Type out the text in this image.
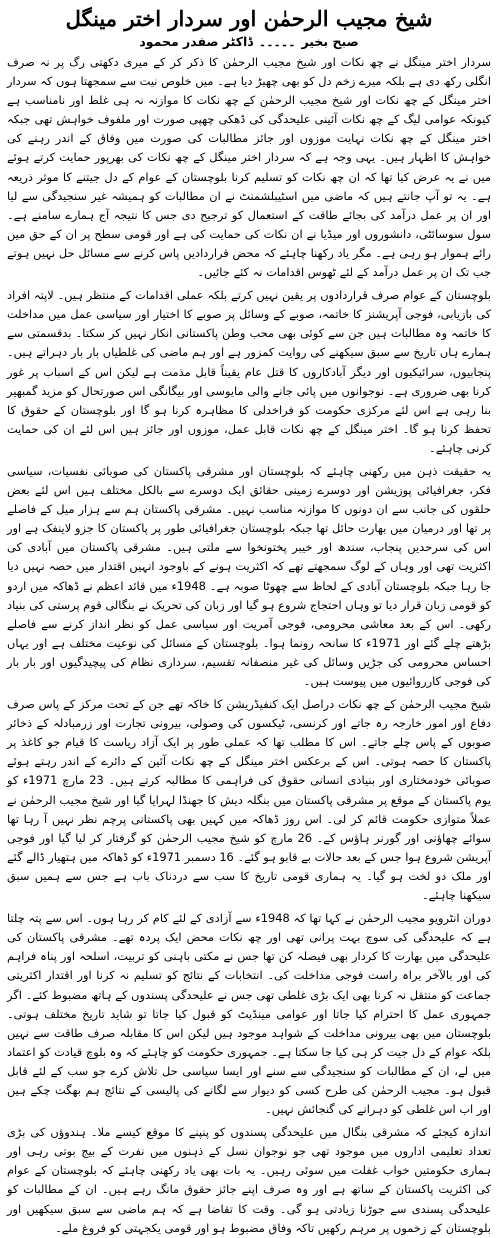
شیخ مجیب الرحمٰن اور سردار اختر مینگل
صبح بخیر۔۔۔۔۔ڈاکٹر صفدر محمود

سردار اختر مینگل نے چھ نکات اور شیخ مجیب الرحمٰن کا ذکر کر کے میری دکھتی رگ پر نہ صرف انگلی رکھ دی ہے بلکہ میرے زخم دل کو بھی چھیڑ دیا ہے۔ میں خلوص نیت سے سمجھتا ہوں کہ سردار اختر مینگل کے چھ نکات اور شیخ مجیب الرحمٰن کے چھ نکات کا موازنہ نہ ہی غلط اور نامناسب ہے کیونکہ عوامی لیگ کے چھ نکات آئینی علیحدگی کی ڈھکی چھپی صورت اور ملفوف خواہش تھی جبکہ اختر مینگل کے چھ نکات نہایت موزوں اور جائز مطالبات کی صورت میں وفاق کے اندر رہنے کی خواہش کا اظہار ہیں۔ یہی وجہ ہے کہ سردار اختر مینگل کے چھ نکات کی بھرپور حمایت کرتے ہوئے میں نے یہ عرض کیا تھا کہ ان چھ نکات کو تسلیم کرنا بلوچستان کے عوام کے دل جیتنے کا موثر ذریعہ ہے۔ یہ تو آپ جانتے ہیں کہ ماضی میں اسٹیبلشمنٹ نے ان مطالبات کو ہمیشہ غیر سنجیدگی سے لیا اور ان پر عمل درآمد کی بجائے طاقت کے استعمال کو ترجیح دی جس کا نتیجہ آج ہمارے سامنے ہے۔ سول سوسائٹی، دانشوروں اور میڈیا نے ان نکات کی حمایت کی ہے اور قومی سطح پر ان کے حق میں رائے ہموار ہو رہی ہے۔ مگر یاد رکھنا چاہئے کہ محض قراردادیں پاس کرنے سے مسائل حل نہیں ہوتے جب تک ان پر عمل درآمد کے لئے ٹھوس اقدامات نہ کئے جائیں۔

بلوچستان کے عوام صرف قراردادوں پر یقین نہیں کرتے بلکہ عملی اقدامات کے منتظر ہیں۔ لاپتہ افراد کی بازیابی، فوجی آپریشنز کا خاتمہ، صوبے کے وسائل پر صوبے کا اختیار اور سیاسی عمل میں مداخلت کا خاتمہ وہ مطالبات ہیں جن سے کوئی بھی محب وطن پاکستانی انکار نہیں کر سکتا۔ بدقسمتی سے ہمارے ہاں تاریخ سے سبق سیکھنے کی روایت کمزور ہے اور ہم ماضی کی غلطیاں بار بار دہراتے ہیں۔ پنجابیوں، سرائیکیوں اور دیگر آبادکاروں کا قتل عام یقیناً قابل مذمت ہے لیکن اس کے اسباب پر غور کرنا بھی ضروری ہے۔ نوجوانوں میں پائی جانے والی مایوسی اور بیگانگی اس صورتحال کو مزید گمبھیر بنا رہی ہے اس لئے مرکزی حکومت کو فراخدلی کا مظاہرہ کرنا ہو گا اور بلوچستان کے حقوق کا تحفظ کرنا ہو گا۔ اختر مینگل کے چھ نکات قابل عمل، موزوں اور جائز ہیں اس لئے ان کی حمایت کرنی چاہئے۔

یہ حقیقت ذہن میں رکھنی چاہئے کہ بلوچستان اور مشرقی پاکستان کی صوبائی نفسیات، سیاسی فکر، جغرافیائی پوزیشن اور دوسرے زمینی حقائق ایک دوسرے سے بالکل مختلف ہیں اس لئے بعض حلقوں کی جانب سے ان دونوں کا موازنہ مناسب نہیں۔ مشرقی پاکستان ہم سے ہزار میل کے فاصلے پر تھا اور درمیان میں بھارت حائل تھا جبکہ بلوچستان جغرافیائی طور پر پاکستان کا جزو لاینفک ہے اور اس کی سرحدیں پنجاب، سندھ اور خیبر پختونخوا سے ملتی ہیں۔ مشرقی پاکستان میں آبادی کی اکثریت تھی اور وہاں کے لوگ سمجھتے تھے کہ اکثریت ہونے کے باوجود انہیں اقتدار میں حصہ نہیں دیا جا رہا جبکہ بلوچستان آبادی کے لحاظ سے چھوٹا صوبہ ہے۔ 1948ء میں قائد اعظم نے ڈھاکہ میں اردو کو قومی زبان قرار دیا تو وہاں احتجاج شروع ہو گیا اور زبان کی تحریک نے بنگالی قوم پرستی کی بنیاد رکھی۔ اس کے بعد معاشی محرومی، فوجی آمریت اور سیاسی عمل کو نظر انداز کرنے سے فاصلے بڑھتے چلے گئے اور 1971ء کا سانحہ رونما ہوا۔ بلوچستان کے مسائل کی نوعیت مختلف ہے اور یہاں احساس محرومی کی جڑیں وسائل کی غیر منصفانہ تقسیم، سرداری نظام کی پیچیدگیوں اور بار بار کی فوجی کارروائیوں میں پیوست ہیں۔

شیخ مجیب الرحمٰن کے چھ نکات دراصل ایک کنفیڈریشن کا خاکہ تھے جن کے تحت مرکز کے پاس صرف دفاع اور امور خارجہ رہ جاتے اور کرنسی، ٹیکسوں کی وصولی، بیرونی تجارت اور زرمبادلہ کے ذخائر صوبوں کے پاس چلے جاتے۔ اس کا مطلب تھا کہ عملی طور پر ایک آزاد ریاست کا قیام جو کاغذ پر پاکستان کا حصہ ہوتی۔ اس کے برعکس اختر مینگل کے چھ نکات آئین کے دائرے کے اندر رہتے ہوئے صوبائی خودمختاری اور بنیادی انسانی حقوق کی فراہمی کا مطالبہ کرتے ہیں۔ 23 مارچ 1971ء کو یوم پاکستان کے موقع پر مشرقی پاکستان میں بنگلہ دیش کا جھنڈا لہرایا گیا اور شیخ مجیب الرحمٰن نے عملاً متوازی حکومت قائم کر لی۔ اس روز ڈھاکہ میں کہیں بھی پاکستانی پرچم نظر نہیں آ رہا تھا سوائے چھاؤنی اور گورنر ہاؤس کے۔ 26 مارچ کو شیخ مجیب الرحمٰن کو گرفتار کر لیا گیا اور فوجی آپریشن شروع ہوا جس کے بعد حالات بے قابو ہو گئے۔ 16 دسمبر 1971ء کو ڈھاکہ میں ہتھیار ڈالے گئے اور ملک دو لخت ہو گیا۔ یہ ہماری قومی تاریخ کا سب سے دردناک باب ہے جس سے ہمیں سبق سیکھنا چاہئے۔

دوران انٹرویو مجیب الرحمٰن نے کہا تھا کہ 1948ء سے آزادی کے لئے کام کر رہا ہوں۔ اس سے پتہ چلتا ہے کہ علیحدگی کی سوچ بہت پرانی تھی اور چھ نکات محض ایک پردہ تھے۔ مشرقی پاکستان کی علیحدگی میں بھارت کا کردار بھی فیصلہ کن تھا جس نے مکتی باہنی کو تربیت، اسلحہ اور پناہ فراہم کی اور بالآخر براہ راست فوجی مداخلت کی۔ انتخابات کے نتائج کو تسلیم نہ کرنا اور اقتدار اکثریتی جماعت کو منتقل نہ کرنا بھی ایک بڑی غلطی تھی جس نے علیحدگی پسندوں کے ہاتھ مضبوط کئے۔ اگر جمہوری عمل کا احترام کیا جاتا اور عوامی مینڈیٹ کو قبول کیا جاتا تو شاید تاریخ مختلف ہوتی۔ بلوچستان میں بھی بیرونی مداخلت کے شواہد موجود ہیں لیکن اس کا مقابلہ صرف طاقت سے نہیں بلکہ عوام کے دل جیت کر ہی کیا جا سکتا ہے۔ جمہوری حکومت کو چاہئے کہ وہ بلوچ قیادت کو اعتماد میں لے، ان کے مطالبات کو سنجیدگی سے سنے اور ایسا سیاسی حل تلاش کرے جو سب کے لئے قابل قبول ہو۔ مجیب الرحمٰن کی طرح کسی کو دیوار سے لگانے کی پالیسی کے نتائج ہم بھگت چکے ہیں اور اب اس غلطی کو دہرانے کی گنجائش نہیں۔

اندازہ کیجئے کہ مشرقی بنگال میں علیحدگی پسندوں کو پنپنے کا موقع کیسے ملا۔ ہندوؤں کی بڑی تعداد تعلیمی اداروں میں موجود تھی جو نوجوان نسل کے ذہنوں میں نفرت کے بیج بوتی رہی اور ہماری حکومتیں خواب غفلت میں سوئی رہیں۔ یہ بات بھی یاد رکھنی چاہئے کہ بلوچستان کے عوام کی اکثریت پاکستان کے ساتھ ہے اور وہ صرف اپنے جائز حقوق مانگ رہے ہیں۔ ان کے مطالبات کو علیحدگی پسندی سے جوڑنا زیادتی ہو گی۔ وقت کا تقاضا ہے کہ ہم ماضی سے سبق سیکھیں اور بلوچستان کے زخموں پر مرہم رکھیں تاکہ وفاق مضبوط ہو اور قومی یکجہتی کو فروغ ملے۔
